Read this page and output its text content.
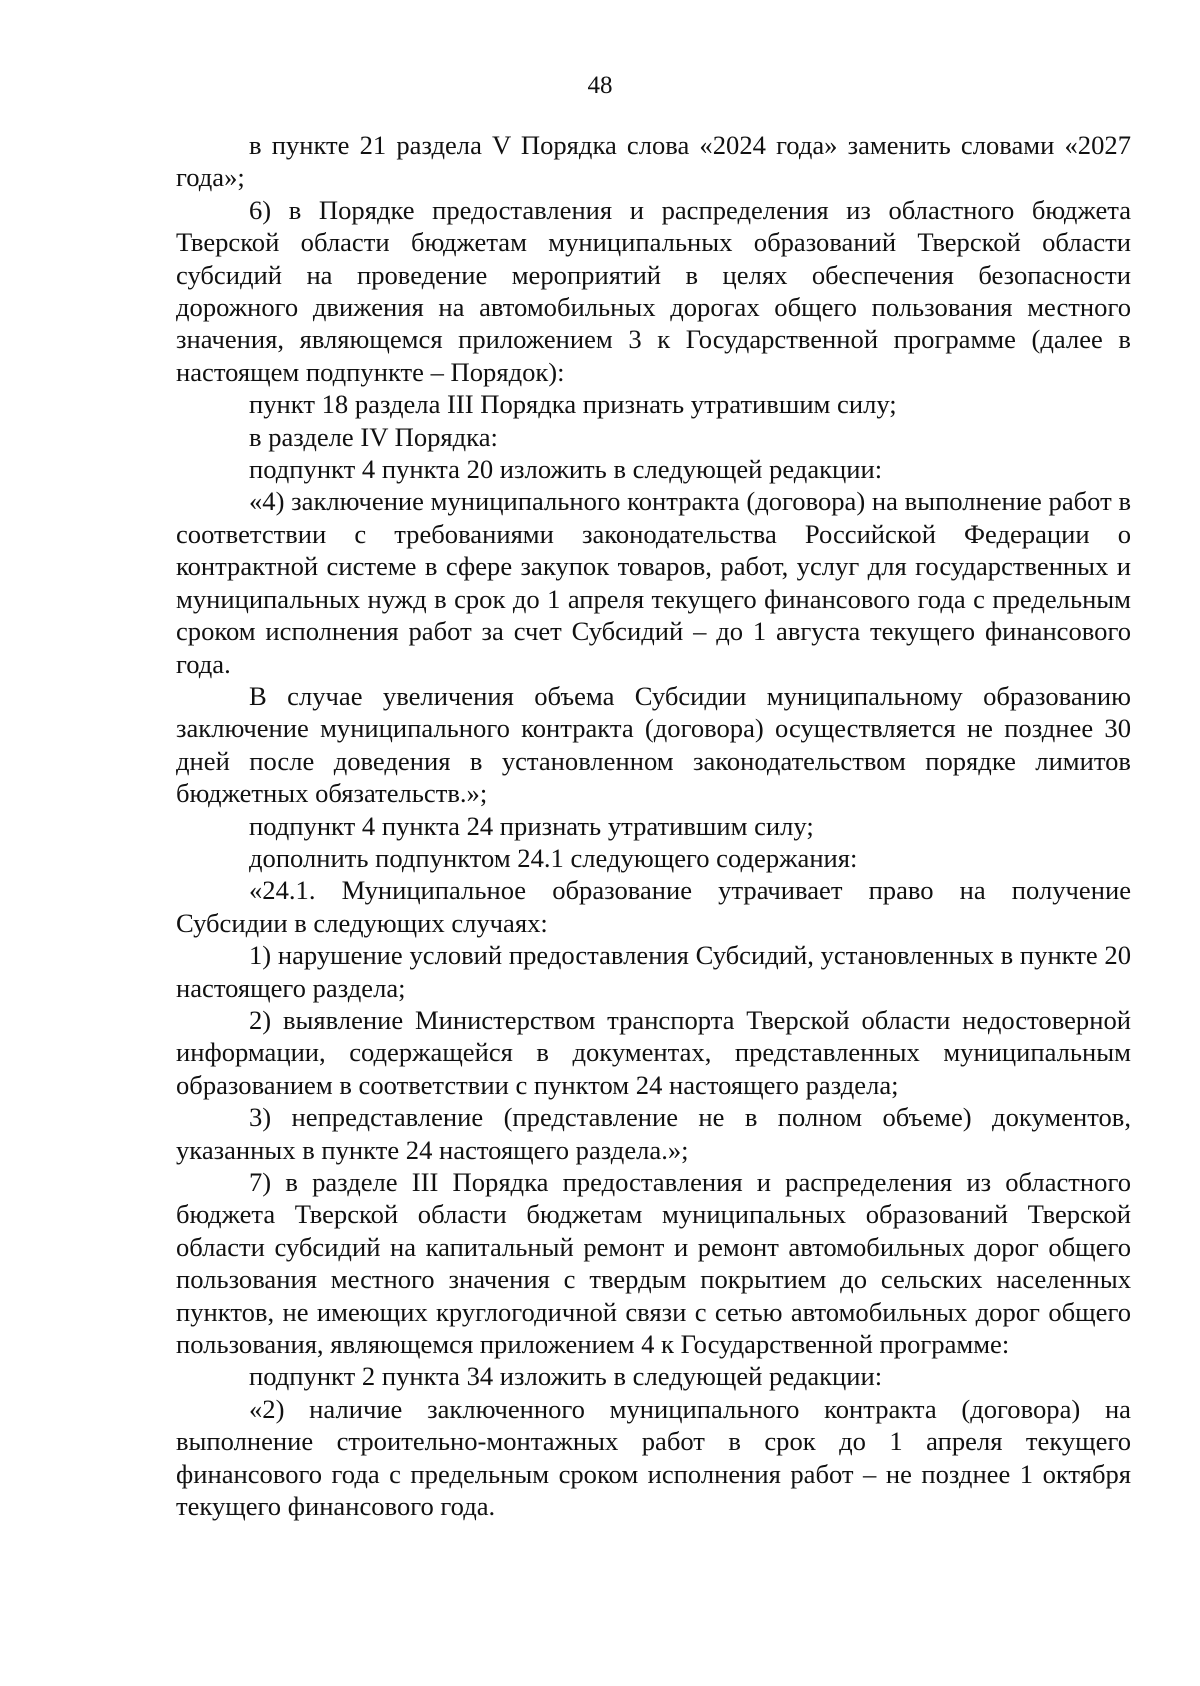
48

в пункте 21 раздела V Порядка слова «2024 года» заменить словами «2027 года»;

6) в Порядке предоставления и распределения из областного бюджета Тверской области бюджетам муниципальных образований Тверской области субсидий на проведение мероприятий в целях обеспечения безопасности дорожного движения на автомобильных дорогах общего пользования местного значения, являющемся приложением 3 к Государственной программе (далее в настоящем подпункте – Порядок):

пункт 18 раздела III Порядка признать утратившим силу;

в разделе IV Порядка:

подпункт 4 пункта 20 изложить в следующей редакции:

«4) заключение муниципального контракта (договора) на выполнение работ в соответствии с требованиями законодательства Российской Федерации о контрактной системе в сфере закупок товаров, работ, услуг для государственных и муниципальных нужд в срок до 1 апреля текущего финансового года с предельным сроком исполнения работ за счет Субсидий – до 1 августа текущего финансового года.

В случае увеличения объема Субсидии муниципальному образованию заключение муниципального контракта (договора) осуществляется не позднее 30 дней после доведения в установленном законодательством порядке лимитов бюджетных обязательств.»;

подпункт 4 пункта 24 признать утратившим силу;

дополнить подпунктом 24.1 следующего содержания:

«24.1. Муниципальное образование утрачивает право на получение Субсидии в следующих случаях:

1) нарушение условий предоставления Субсидий, установленных в пункте 20 настоящего раздела;

2) выявление Министерством транспорта Тверской области недостоверной информации, содержащейся в документах, представленных муниципальным образованием в соответствии с пунктом 24 настоящего раздела;

3) непредставление (представление не в полном объеме) документов, указанных в пункте 24 настоящего раздела.»;

7) в разделе III Порядка предоставления и распределения из областного бюджета Тверской области бюджетам муниципальных образований Тверской области субсидий на капитальный ремонт и ремонт автомобильных дорог общего пользования местного значения с твердым покрытием до сельских населенных пунктов, не имеющих круглогодичной связи с сетью автомобильных дорог общего пользования, являющемся приложением 4 к Государственной программе:

подпункт 2 пункта 34 изложить в следующей редакции:

«2) наличие заключенного муниципального контракта (договора) на выполнение строительно-монтажных работ в срок до 1 апреля текущего финансового года с предельным сроком исполнения работ – не позднее 1 октября текущего финансового года.
